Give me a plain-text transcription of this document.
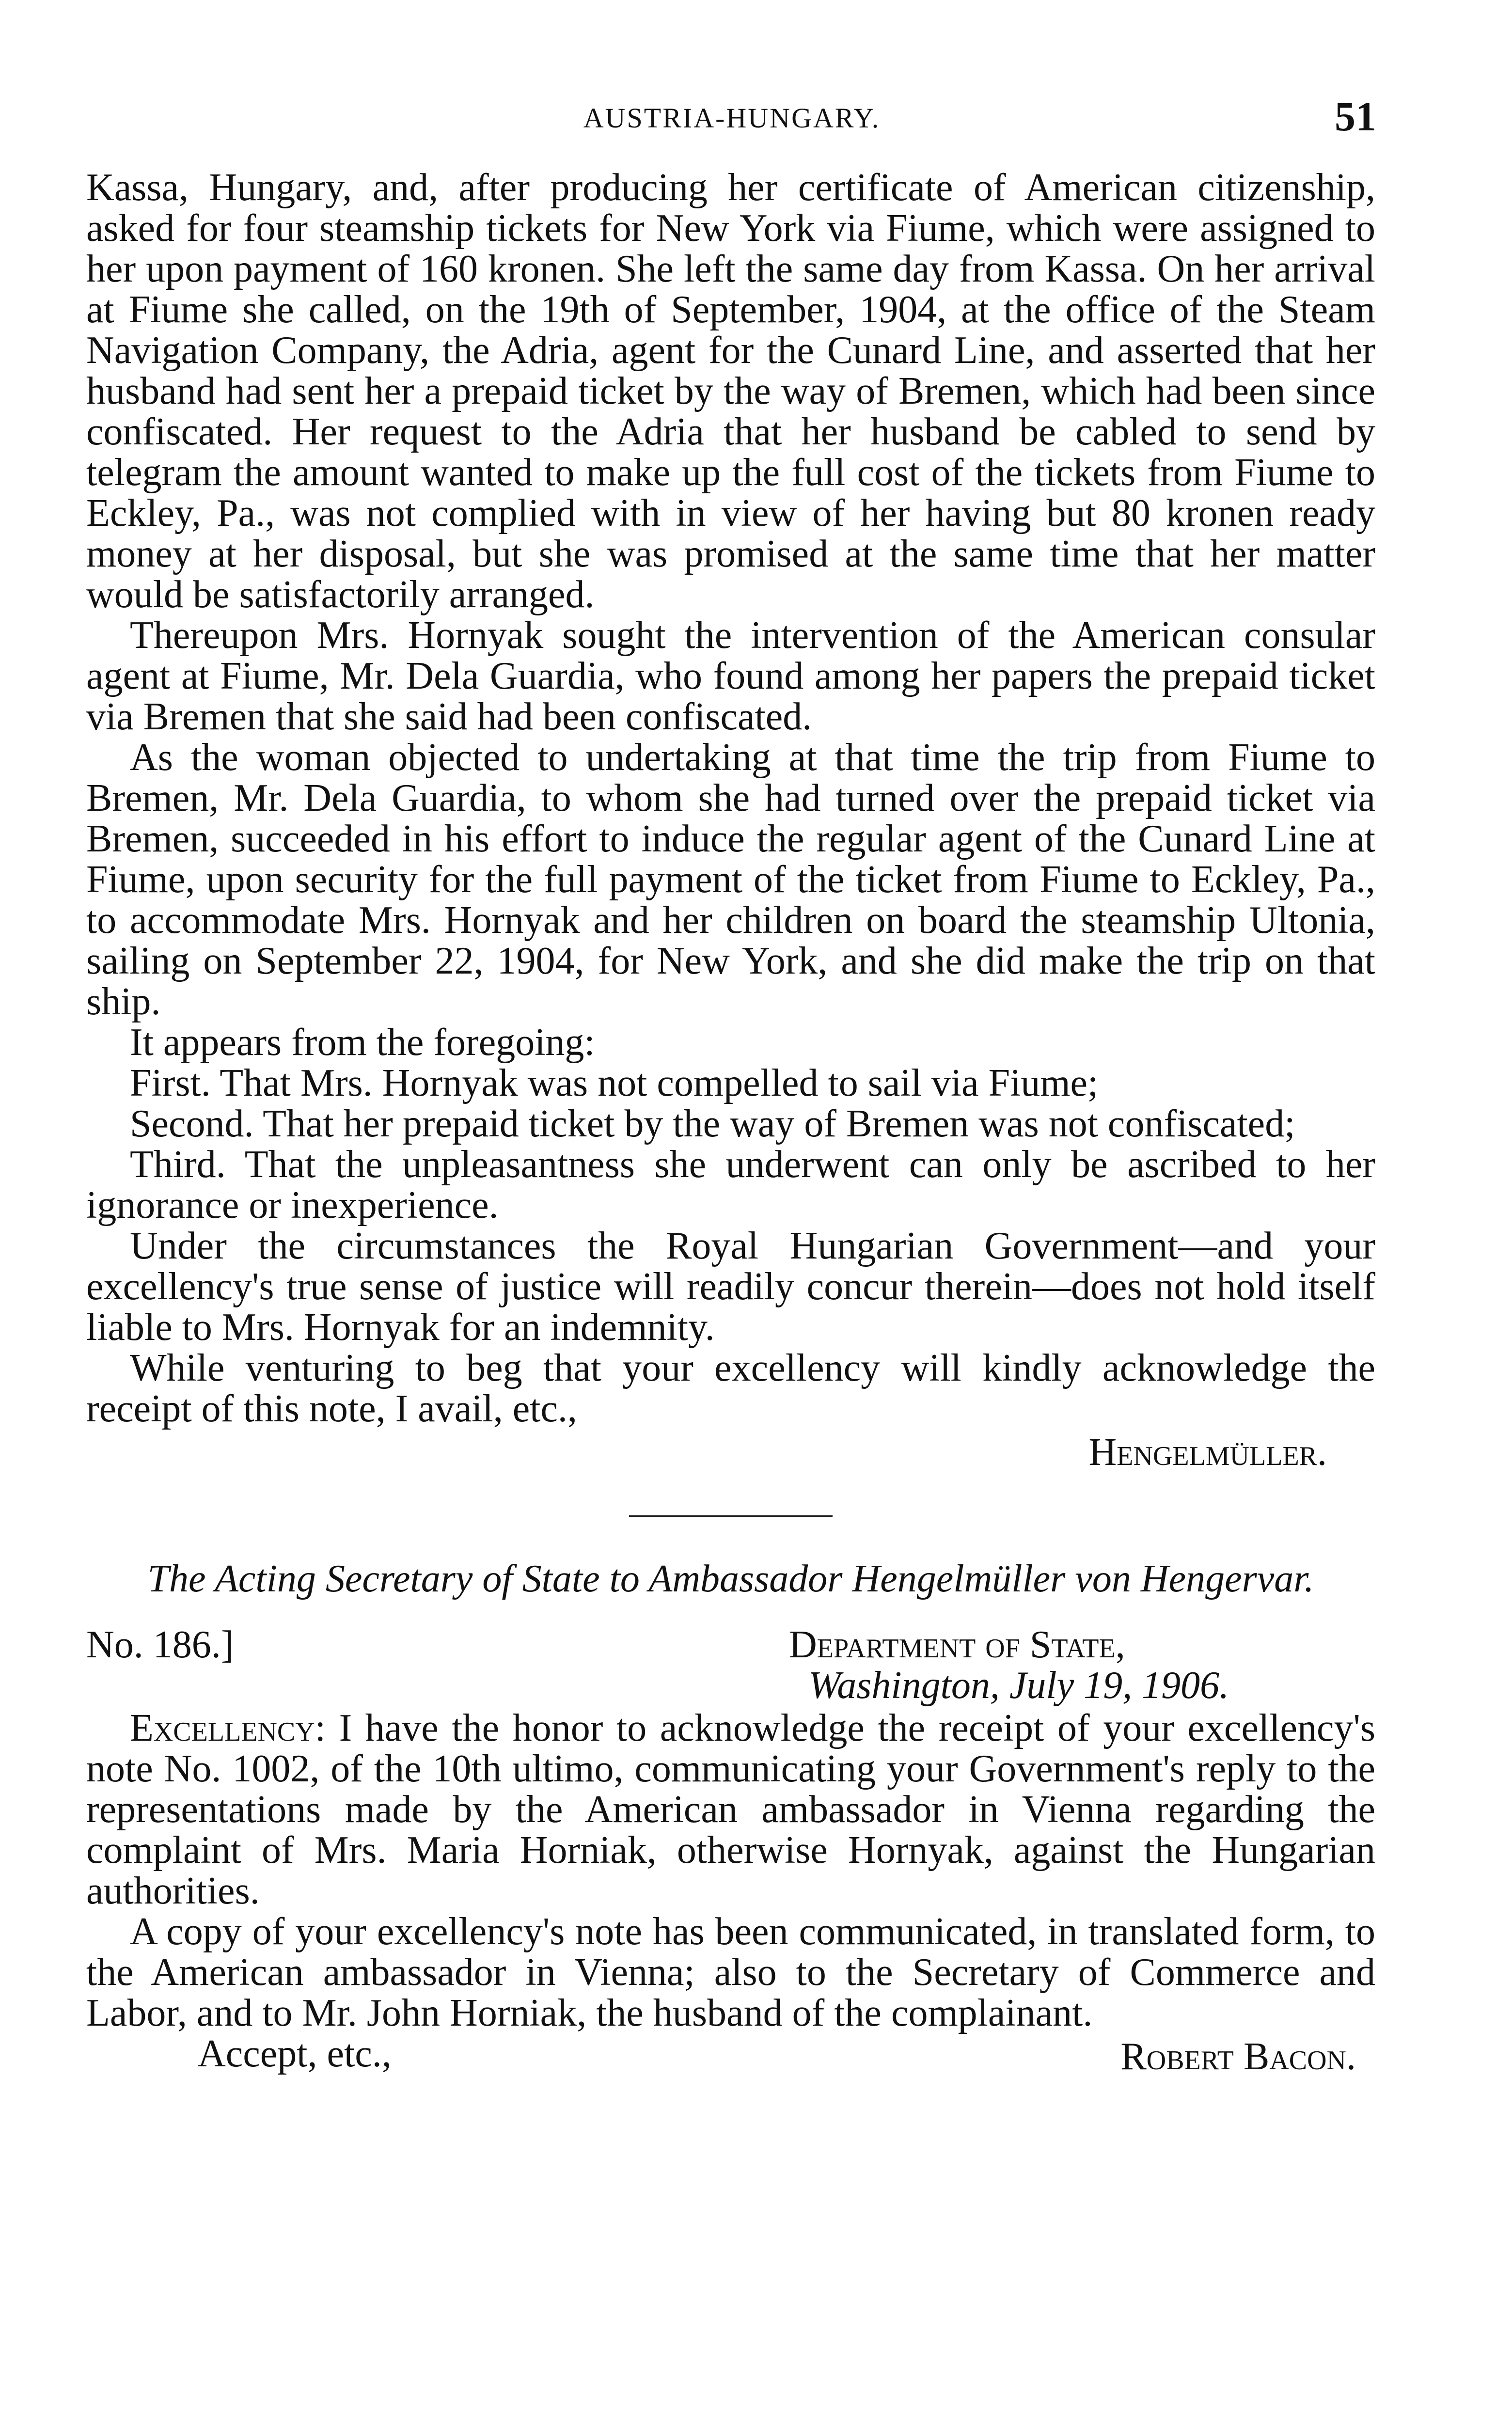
AUSTRIA-HUNGARY.	51

Kassa, Hungary, and, after producing her certificate of American citizenship, asked for four steamship tickets for New York via Fiume, which were assigned to her upon payment of 160 kronen. She left the same day from Kassa. On her arrival at Fiume she called, on the 19th of September, 1904, at the office of the Steam Navigation Company, the Adria, agent for the Cunard Line, and asserted that her husband had sent her a prepaid ticket by the way of Bremen, which had been since confiscated. Her request to the Adria that her husband be cabled to send by telegram the amount wanted to make up the full cost of the tickets from Fiume to Eckley, Pa., was not complied with in view of her having but 80 kronen ready money at her disposal, but she was promised at the same time that her matter would be satisfactorily arranged.

Thereupon Mrs. Hornyak sought the intervention of the American consular agent at Fiume, Mr. Dela Guardia, who found among her papers the prepaid ticket via Bremen that she said had been confiscated.

As the woman objected to undertaking at that time the trip from Fiume to Bremen, Mr. Dela Guardia, to whom she had turned over the prepaid ticket via Bremen, succeeded in his effort to induce the regular agent of the Cunard Line at Fiume, upon security for the full payment of the ticket from Fiume to Eckley, Pa., to accommodate Mrs. Hornyak and her children on board the steamship Ultonia, sailing on September 22, 1904, for New York, and she did make the trip on that ship.

It appears from the foregoing:

First. That Mrs. Hornyak was not compelled to sail via Fiume;

Second. That her prepaid ticket by the way of Bremen was not confiscated;

Third. That the unpleasantness she underwent can only be ascribed to her ignorance or inexperience.

Under the circumstances the Royal Hungarian Government—and your excellency's true sense of justice will readily concur therein—does not hold itself liable to Mrs. Hornyak for an indemnity.

While venturing to beg that your excellency will kindly acknowledge the receipt of this note, I avail, etc.,

Hengelmüller.
The Acting Secretary of State to Ambassador Hengelmüller von Hengervar.
No. 186.]	Department of State,
Washington, July 19, 1906.

Excellency: I have the honor to acknowledge the receipt of your excellency's note No. 1002, of the 10th ultimo, communicating your Government's reply to the representations made by the American ambassador in Vienna regarding the complaint of Mrs. Maria Horniak, otherwise Hornyak, against the Hungarian authorities.

A copy of your excellency's note has been communicated, in translated form, to the American ambassador in Vienna; also to the Secretary of Commerce and Labor, and to Mr. John Horniak, the husband of the complainant.

Accept, etc.,	Robert Bacon.
